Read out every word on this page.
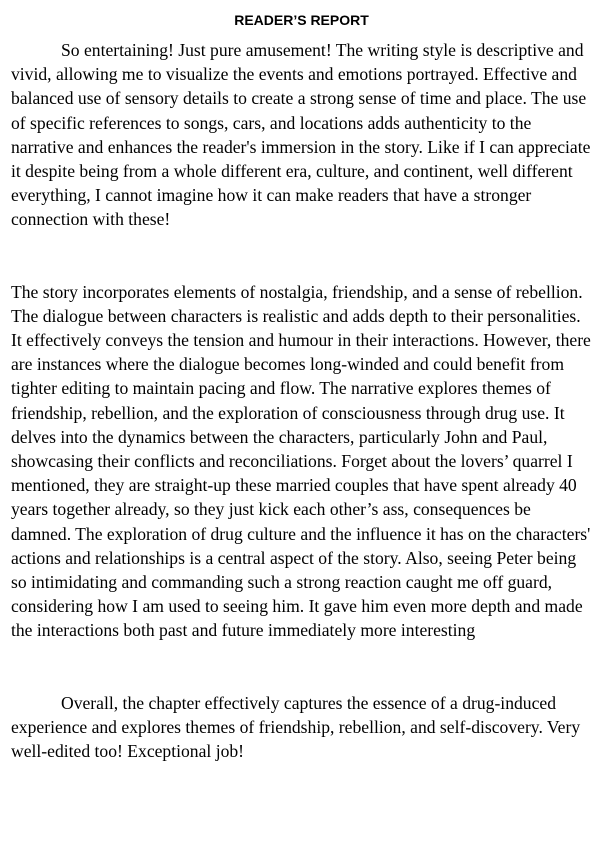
READER’S REPORT

So entertaining! Just pure amusement! The writing style is descriptive and vivid, allowing me to visualize the events and emotions portrayed. Effective and balanced use of sensory details to create a strong sense of time and place. The use of specific references to songs, cars, and locations adds authenticity to the narrative and enhances the reader's immersion in the story. Like if I can appreciate it despite being from a whole different era, culture, and continent, well different everything, I cannot imagine how it can make readers that have a stronger connection with these!

The story incorporates elements of nostalgia, friendship, and a sense of rebellion. The dialogue between characters is realistic and adds depth to their personalities. It effectively conveys the tension and humour in their interactions. However, there are instances where the dialogue becomes long-winded and could benefit from tighter editing to maintain pacing and flow. The narrative explores themes of friendship, rebellion, and the exploration of consciousness through drug use. It delves into the dynamics between the characters, particularly John and Paul, showcasing their conflicts and reconciliations. Forget about the lovers’ quarrel I mentioned, they are straight-up these married couples that have spent already 40 years together already, so they just kick each other’s ass, consequences be damned. The exploration of drug culture and the influence it has on the characters' actions and relationships is a central aspect of the story. Also, seeing Peter being so intimidating and commanding such a strong reaction caught me off guard, considering how I am used to seeing him. It gave him even more depth and made the interactions both past and future immediately more interesting

Overall, the chapter effectively captures the essence of a drug-induced experience and explores themes of friendship, rebellion, and self-discovery. Very well-edited too! Exceptional job!
